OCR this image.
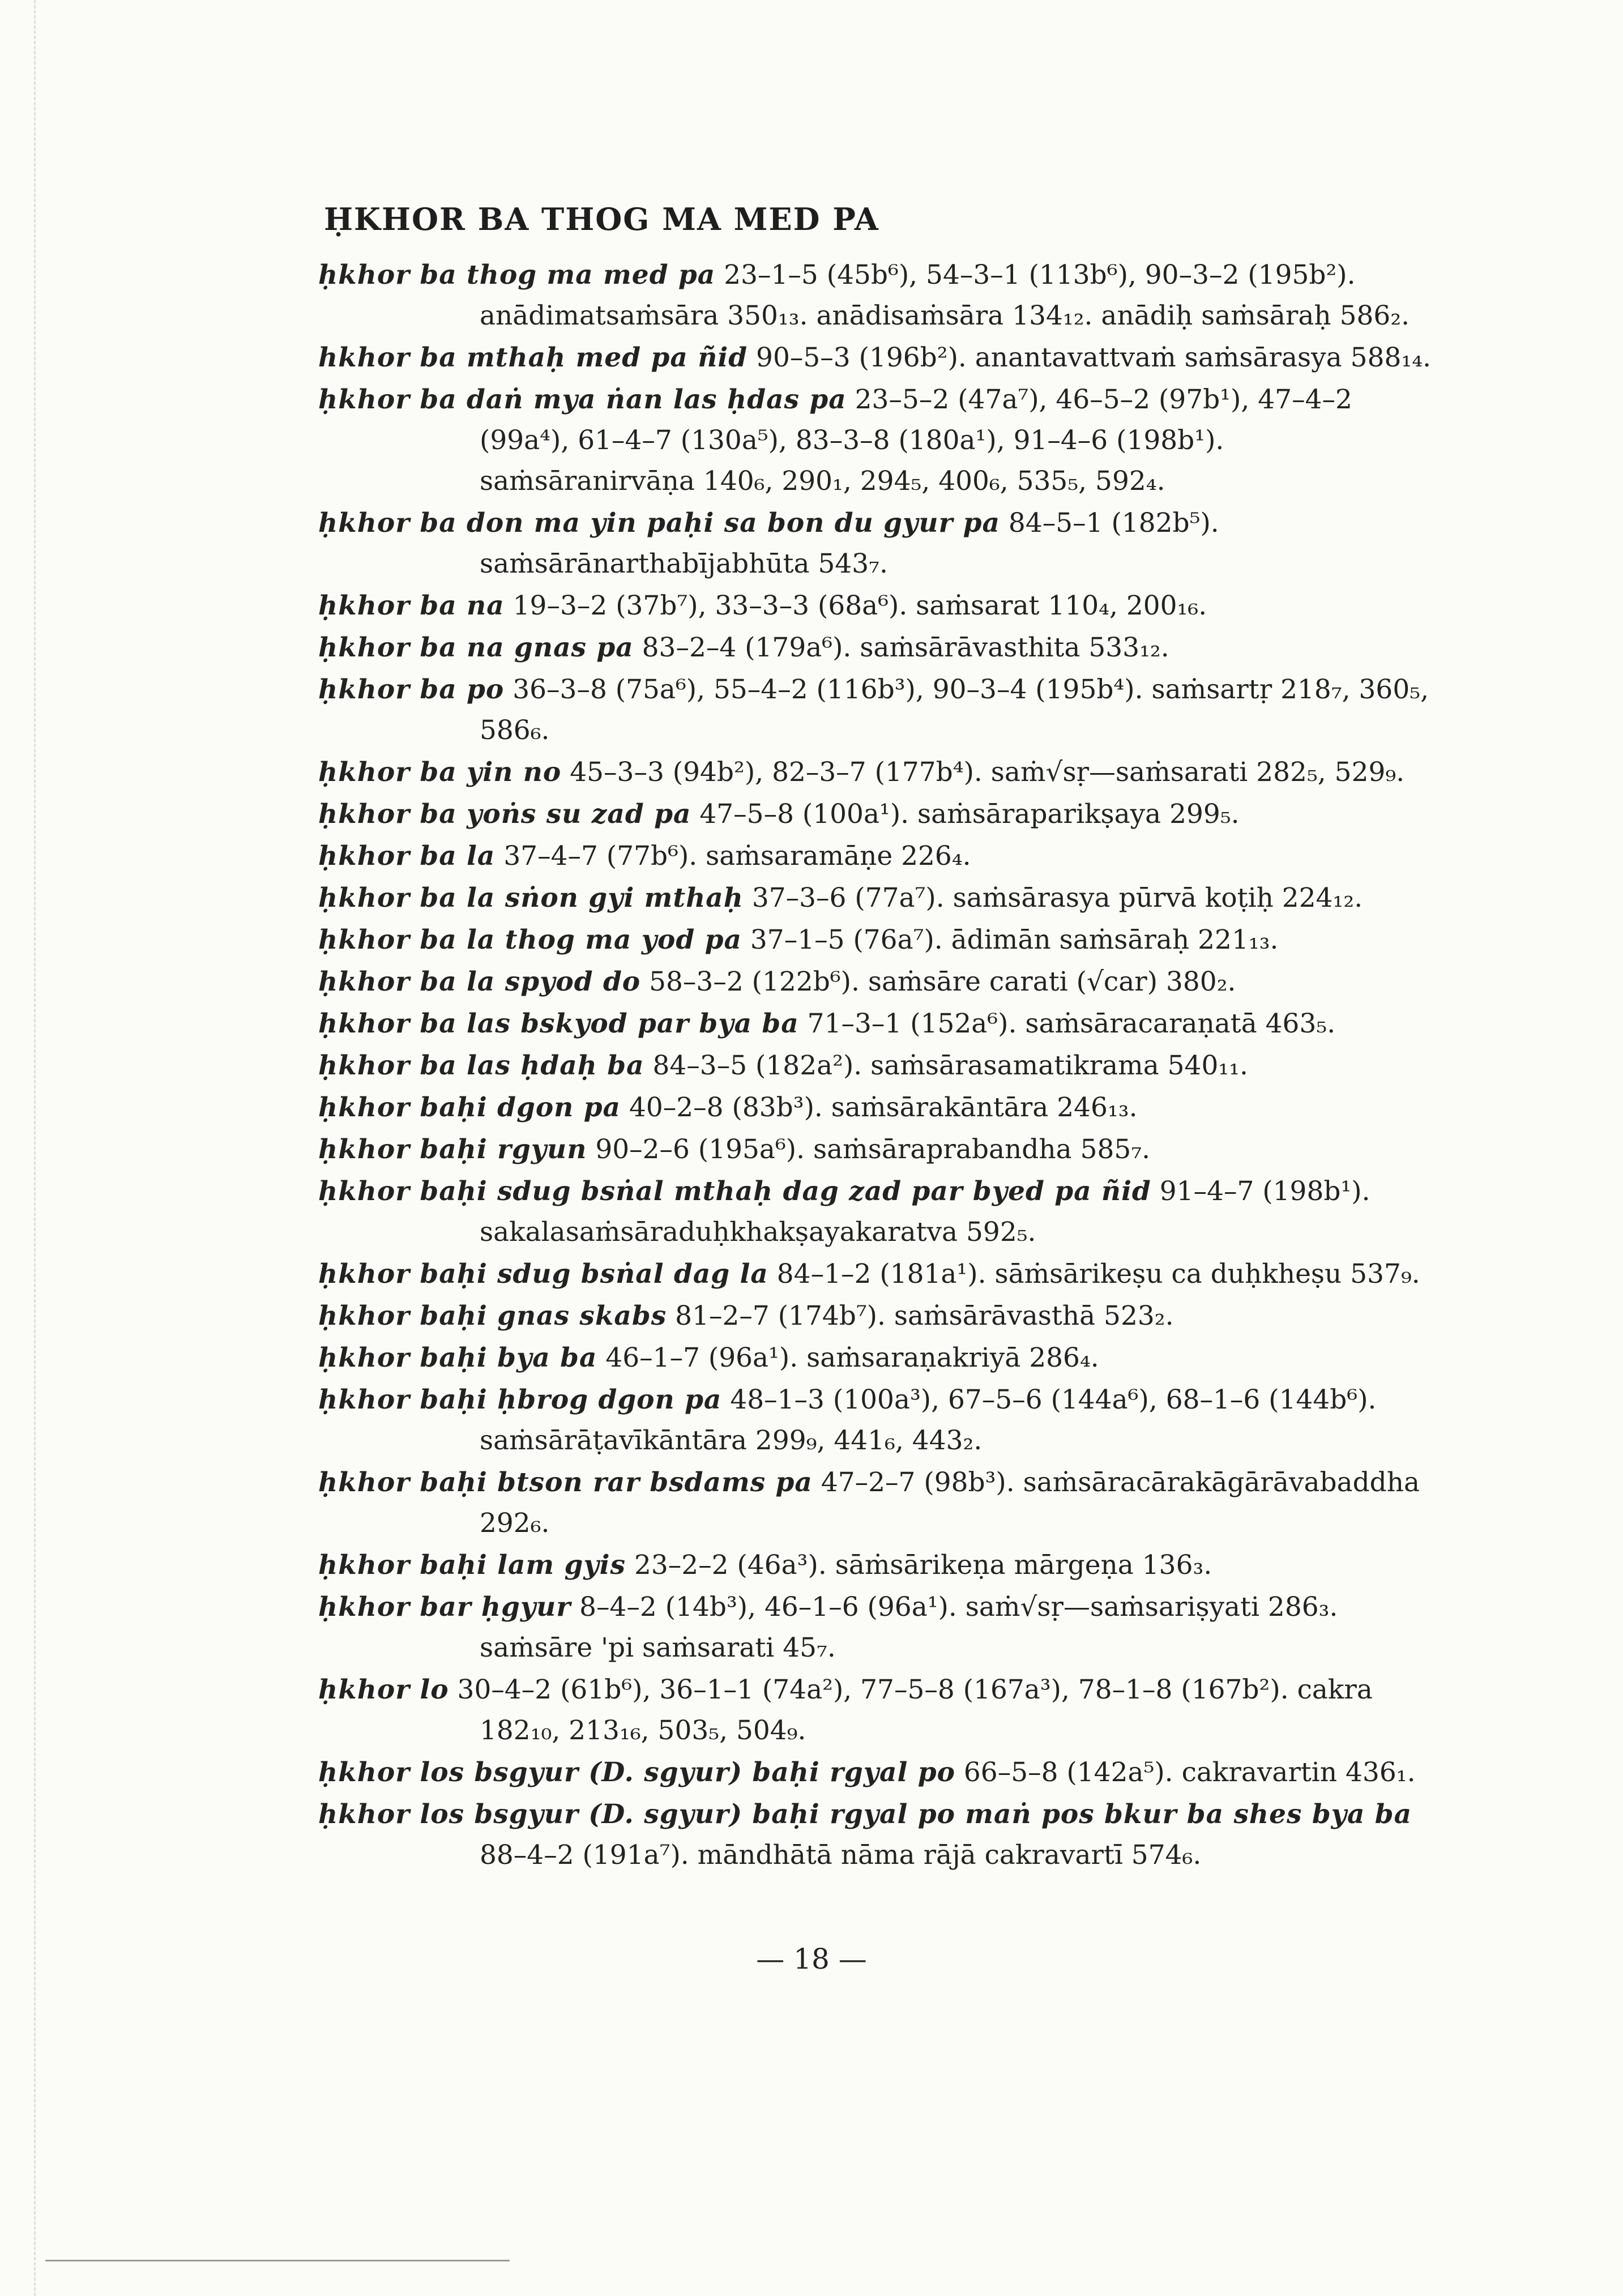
ḤKHOR BA THOG MA MED PA
ḥkhor ba thog ma med pa 23–1–5 (45b⁶), 54–3–1 (113b⁶), 90–3–2 (195b²). anādimatsaṁsāra 350₁₃. anādisaṁsāra 134₁₂. anādiḥ saṁsāraḥ 586₂.
hkhor ba mthaḥ med pa ñid 90–5–3 (196b²). anantavattvaṁ saṁsārasya 588₁₄.
ḥkhor ba daṅ mya ṅan las ḥdas pa 23–5–2 (47a⁷), 46–5–2 (97b¹), 47–4–2 (99a⁴), 61–4–7 (130a⁵), 83–3–8 (180a¹), 91–4–6 (198b¹). saṁsāranirvāṇa 140₆, 290₁, 294₅, 400₆, 535₅, 592₄.
ḥkhor ba don ma yin paḥi sa bon du gyur pa 84–5–1 (182b⁵). saṁsārānarthabījabhūta 543₇.
ḥkhor ba na 19–3–2 (37b⁷), 33–3–3 (68a⁶). saṁsarat 110₄, 200₁₆.
ḥkhor ba na gnas pa 83–2–4 (179a⁶). saṁsārāvasthita 533₁₂.
ḥkhor ba po 36–3–8 (75a⁶), 55–4–2 (116b³), 90–3–4 (195b⁴). saṁsartṛ 218₇, 360₅, 586₆.
ḥkhor ba yin no 45–3–3 (94b²), 82–3–7 (177b⁴). saṁ√sṛ—saṁsarati 282₅, 529₉.
ḥkhor ba yoṅs su zad pa 47–5–8 (100a¹). saṁsāraparikṣaya 299₅.
ḥkhor ba la 37–4–7 (77b⁶). saṁsaramāṇe 226₄.
ḥkhor ba la sṅon gyi mthaḥ 37–3–6 (77a⁷). saṁsārasya pūrvā koṭiḥ 224₁₂.
ḥkhor ba la thog ma yod pa 37–1–5 (76a⁷). ādimān saṁsāraḥ 221₁₃.
ḥkhor ba la spyod do 58–3–2 (122b⁶). saṁsāre carati (√car) 380₂.
ḥkhor ba las bskyod par bya ba 71–3–1 (152a⁶). saṁsāracaraṇatā 463₅.
ḥkhor ba las ḥdaḥ ba 84–3–5 (182a²). saṁsārasamatikrama 540₁₁.
ḥkhor baḥi dgon pa 40–2–8 (83b³). saṁsārakāntāra 246₁₃.
ḥkhor baḥi rgyun 90–2–6 (195a⁶). saṁsāraprabandha 585₇.
ḥkhor baḥi sdug bsṅal mthaḥ dag zad par byed pa ñid 91–4–7 (198b¹). sakalasaṁsāraduḥkhakṣayakaratva 592₅.
ḥkhor baḥi sdug bsṅal dag la 84–1–2 (181a¹). sāṁsārikeṣu ca duḥkheṣu 537₉.
ḥkhor baḥi gnas skabs 81–2–7 (174b⁷). saṁsārāvasthā 523₂.
ḥkhor baḥi bya ba 46–1–7 (96a¹). saṁsaraṇakriyā 286₄.
ḥkhor baḥi ḥbrog dgon pa 48–1–3 (100a³), 67–5–6 (144a⁶), 68–1–6 (144b⁶). saṁsārāṭavīkāntāra 299₉, 441₆, 443₂.
ḥkhor baḥi btson rar bsdams pa 47–2–7 (98b³). saṁsāracārakāgārāvabaddha 292₆.
ḥkhor baḥi lam gyis 23–2–2 (46a³). sāṁsārikeṇa mārgeṇa 136₃.
ḥkhor bar ḥgyur 8–4–2 (14b³), 46–1–6 (96a¹). saṁ√sṛ—saṁsariṣyati 286₃. saṁsāre 'pi saṁsarati 45₇.
ḥkhor lo 30–4–2 (61b⁶), 36–1–1 (74a²), 77–5–8 (167a³), 78–1–8 (167b²). cakra 182₁₀, 213₁₆, 503₅, 504₉.
ḥkhor los bsgyur (D. sgyur) baḥi rgyal po 66–5–8 (142a⁵). cakravartin 436₁.
ḥkhor los bsgyur (D. sgyur) baḥi rgyal po maṅ pos bkur ba shes bya ba 88–4–2 (191a⁷). māndhātā nāma rājā cakravartī 574₆.
— 18 —
